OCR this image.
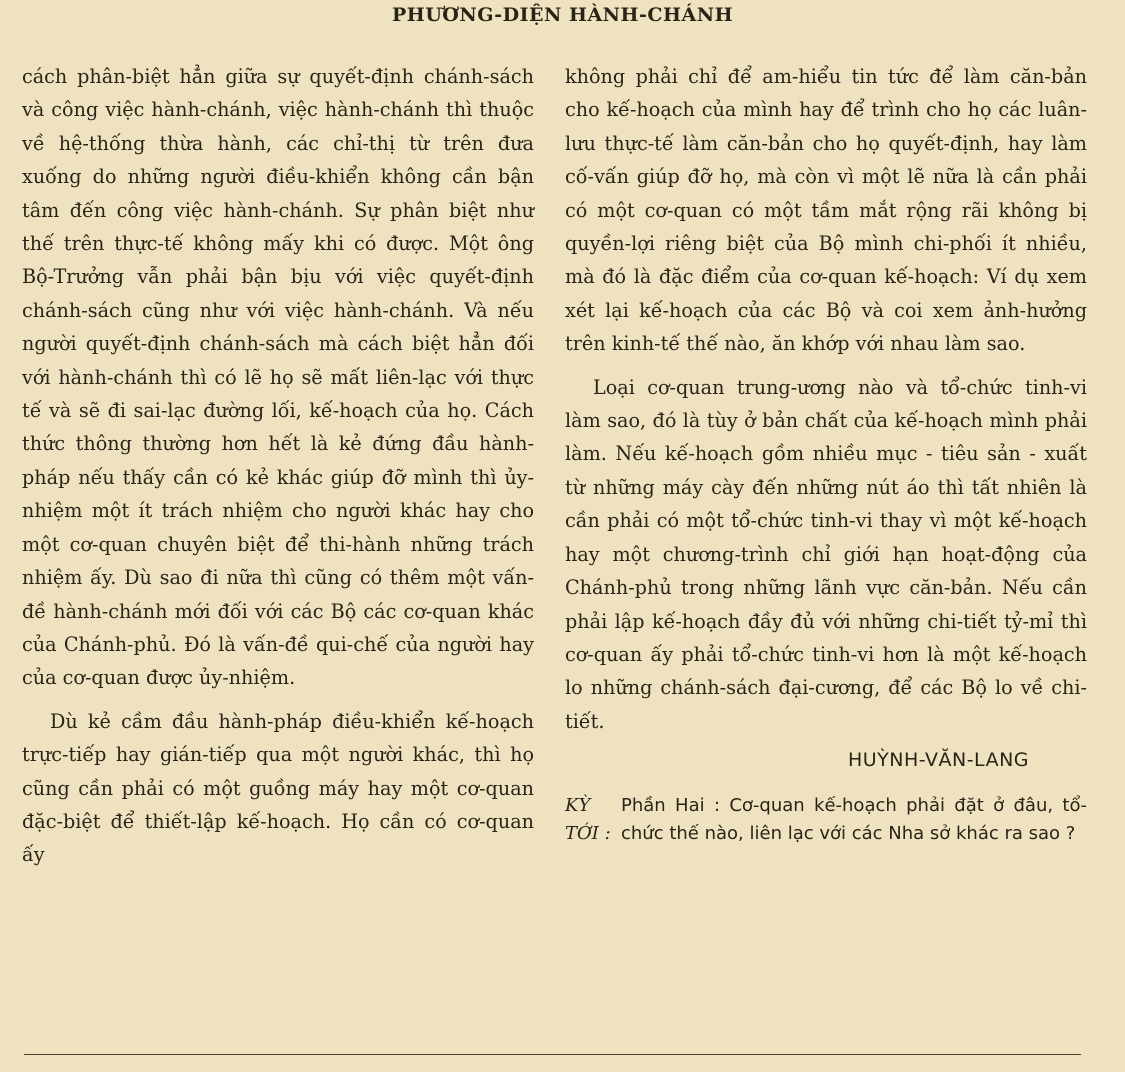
PHƯƠNG-DIỆN HÀNH-CHÁNH

cách phân-biệt hẳn giữa sự quyết-định chánh-sách và công việc hành-chánh, việc hành-chánh thì thuộc về hệ-thống thừa hành, các chỉ-thị từ trên đưa xuống do những người điều-khiển không cần bận tâm đến công việc hành-chánh. Sự phân biệt như thế trên thực-tế không mấy khi có được. Một ông Bộ-Trưởng vẫn phải bận bịu với việc quyết-định chánh-sách cũng như với việc hành-chánh. Và nếu người quyết-định chánh-sách mà cách biệt hẳn đối với hành-chánh thì có lẽ họ sẽ mất liên-lạc với thực tế và sẽ đi sai-lạc đường lối, kế-hoạch của họ. Cách thức thông thường hơn hết là kẻ đứng đầu hành-pháp nếu thấy cần có kẻ khác giúp đỡ mình thì ủy-nhiệm một ít trách nhiệm cho người khác hay cho một cơ-quan chuyên biệt để thi-hành những trách nhiệm ấy. Dù sao đi nữa thì cũng có thêm một vấn-đề hành-chánh mới đối với các Bộ các cơ-quan khác của Chánh-phủ. Đó là vấn-đề qui-chế của người hay của cơ-quan được ủy-nhiệm.

Dù kẻ cầm đầu hành-pháp điều-khiển kế-hoạch trực-tiếp hay gián-tiếp qua một người khác, thì họ cũng cần phải có một guồng máy hay một cơ-quan đặc-biệt để thiết-lập kế-hoạch. Họ cần có cơ-quan ấy

không phải chỉ để am-hiểu tin tức để làm căn-bản cho kế-hoạch của mình hay để trình cho họ các luân-lưu thực-tế làm căn-bản cho họ quyết-định, hay làm cố-vấn giúp đỡ họ, mà còn vì một lẽ nữa là cần phải có một cơ-quan có một tầm mắt rộng rãi không bị quyền-lợi riêng biệt của Bộ mình chi-phối ít nhiều, mà đó là đặc điểm của cơ-quan kế-hoạch: Ví dụ xem xét lại kế-hoạch của các Bộ và coi xem ảnh-hưởng trên kinh-tế thế nào, ăn khớp với nhau làm sao.

Loại cơ-quan trung-ương nào và tổ-chức tinh-vi làm sao, đó là tùy ở bản chất của kế-hoạch mình phải làm. Nếu kế-hoạch gồm nhiều mục - tiêu sản - xuất từ những máy cày đến những nút áo thì tất nhiên là cần phải có một tổ-chức tinh-vi thay vì một kế-hoạch hay một chương-trình chỉ giới hạn hoạt-động của Chánh-phủ trong những lãnh vực căn-bản. Nếu cần phải lập kế-hoạch đầy đủ với những chi-tiết tỷ-mỉ thì cơ-quan ấy phải tổ-chức tinh-vi hơn là một kế-hoạch lo những chánh-sách đại-cương, để các Bộ lo về chi-tiết.

HUỲNH-VĂN-LANG
KỲ TỚI :
Phần Hai : Cơ-quan kế-hoạch phải đặt ở đâu, tổ-chức thế nào, liên lạc với các Nha sở khác ra sao ?
